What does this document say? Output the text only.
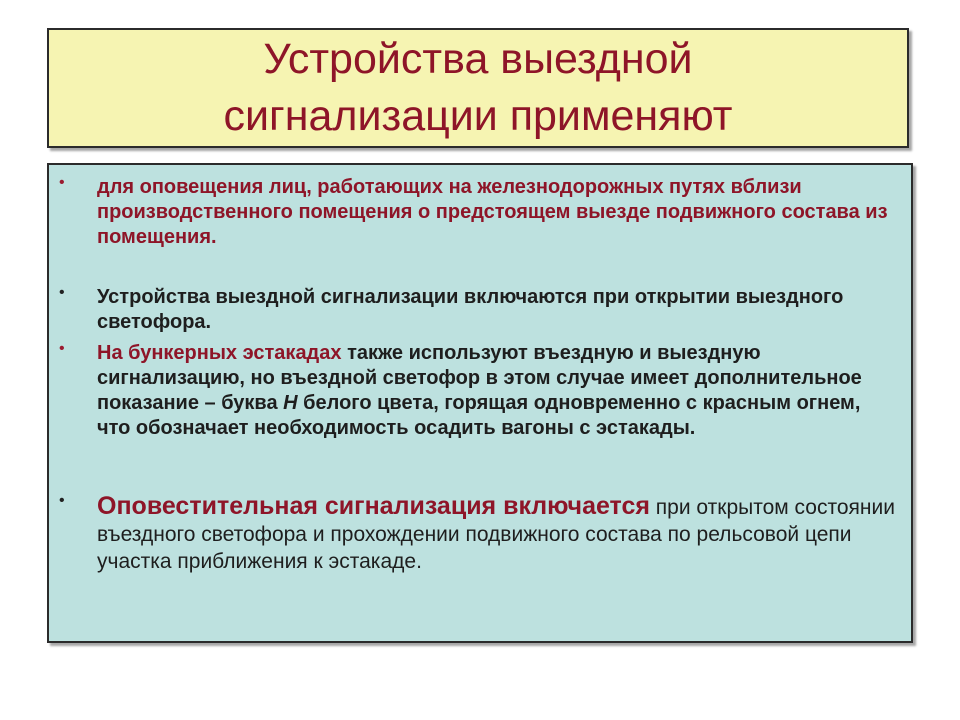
Устройства выездной
сигнализации применяют
• для оповещения лиц, работающих на железнодорожных путях вблизи производственного помещения о предстоящем выезде подвижного состава из помещения.
• Устройства выездной сигнализации включаются при открытии выездного светофора.
• На бункерных эстакадах также используют въездную и выездную сигнализацию, но въездной светофор в этом случае имеет дополнительное показание – буква Н белого цвета, горящая одновременно с красным огнем, что обозначает необходимость осадить вагоны с эстакады.
• Оповестительная сигнализация включается при открытом состоянии въездного светофора и прохождении подвижного состава по рельсовой цепи участка приближения к эстакаде.
